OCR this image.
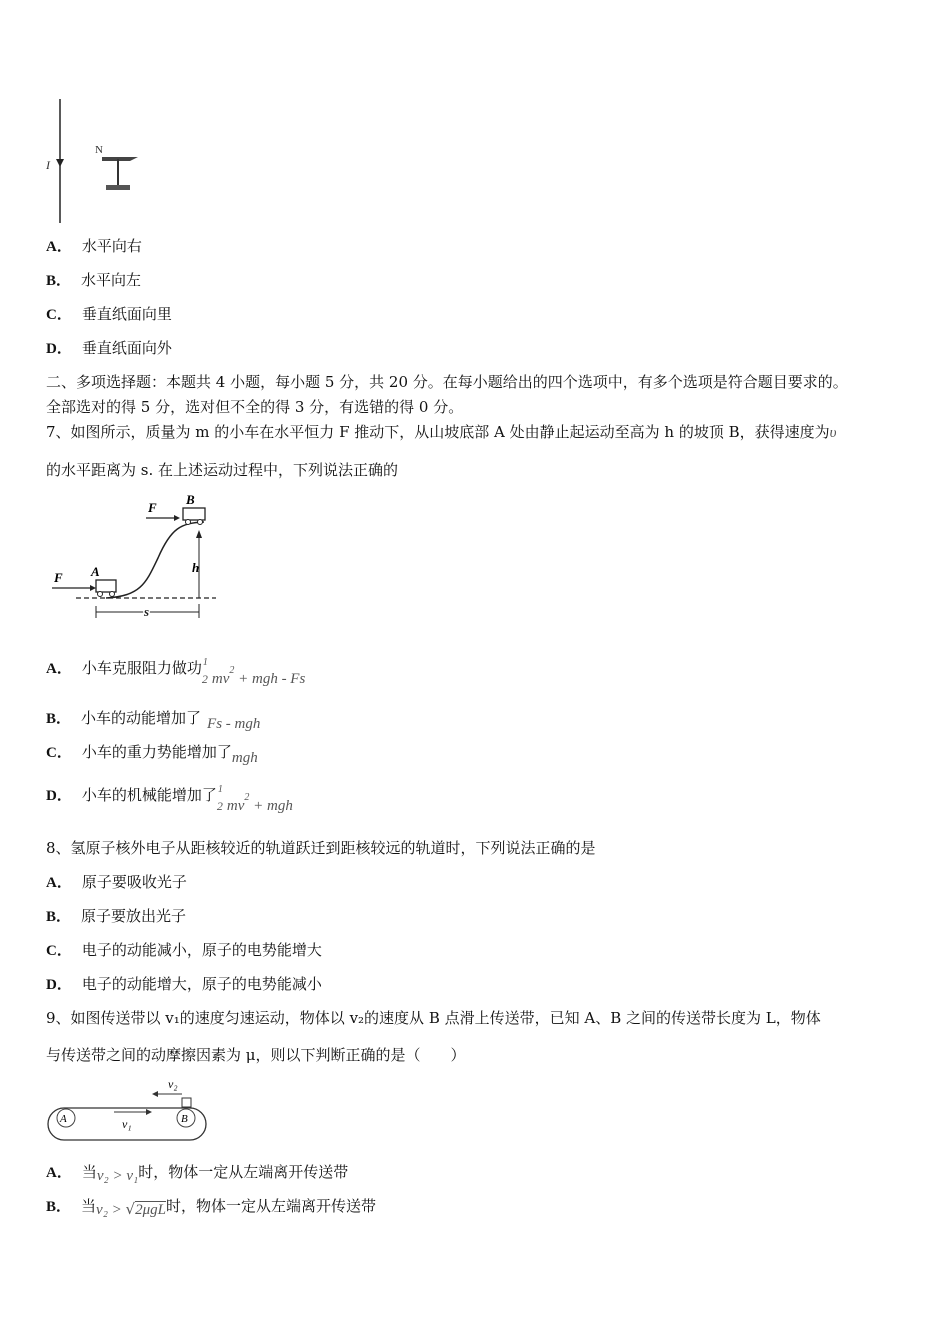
I
N
A． 水平向右
B． 水平向左
C． 垂直纸面向里
D． 垂直纸面向外
二、多项选择题：本题共 4 小题，每小题 5 分，共 20 分。在每小题给出的四个选项中，有多个选项是符合题目要求的。
全部选对的得 5 分，选对但不全的得 3 分，有选错的得 0 分。
7、如图所示，质量为 m 的小车在水平恒力 F 推动下，从山坡底部 A 处由静止起运动至高为 h 的坡顶 B，获得速度为υ
的水平距离为 s. 在上述运动过程中，下列说法正确的
A
F
B
F
h
s
A． 小车克服阻力做功 1
2 $mv^2$ + mgh - Fs
B． 小车的动能增加了 Fs - mgh
C． 小车的重力势能增加了mgh
D． 小车的机械能增加了 1
2 $mv^2$ + mgh
8、氢原子核外电子从距核较近的轨道跃迁到距核较远的轨道时，下列说法正确的是
A． 原子要吸收光子
B． 原子要放出光子
C． 电子的动能减小，原子的电势能增大
D． 电子的动能增大，原子的电势能减小
9、如图传送带以 v₁的速度匀速运动，物体以 v₂的速度从 B 点滑上传送带，已知 A、B 之间的传送带长度为 L，物体
与传送带之间的动摩擦因素为 μ，则以下判断正确的是（　　）
A	B
v₁
v₂
A． 当v₂ > v₁时，物体一定从左端离开传送带
B． 当v₂ > √2μgL时，物体一定从左端离开传送带
